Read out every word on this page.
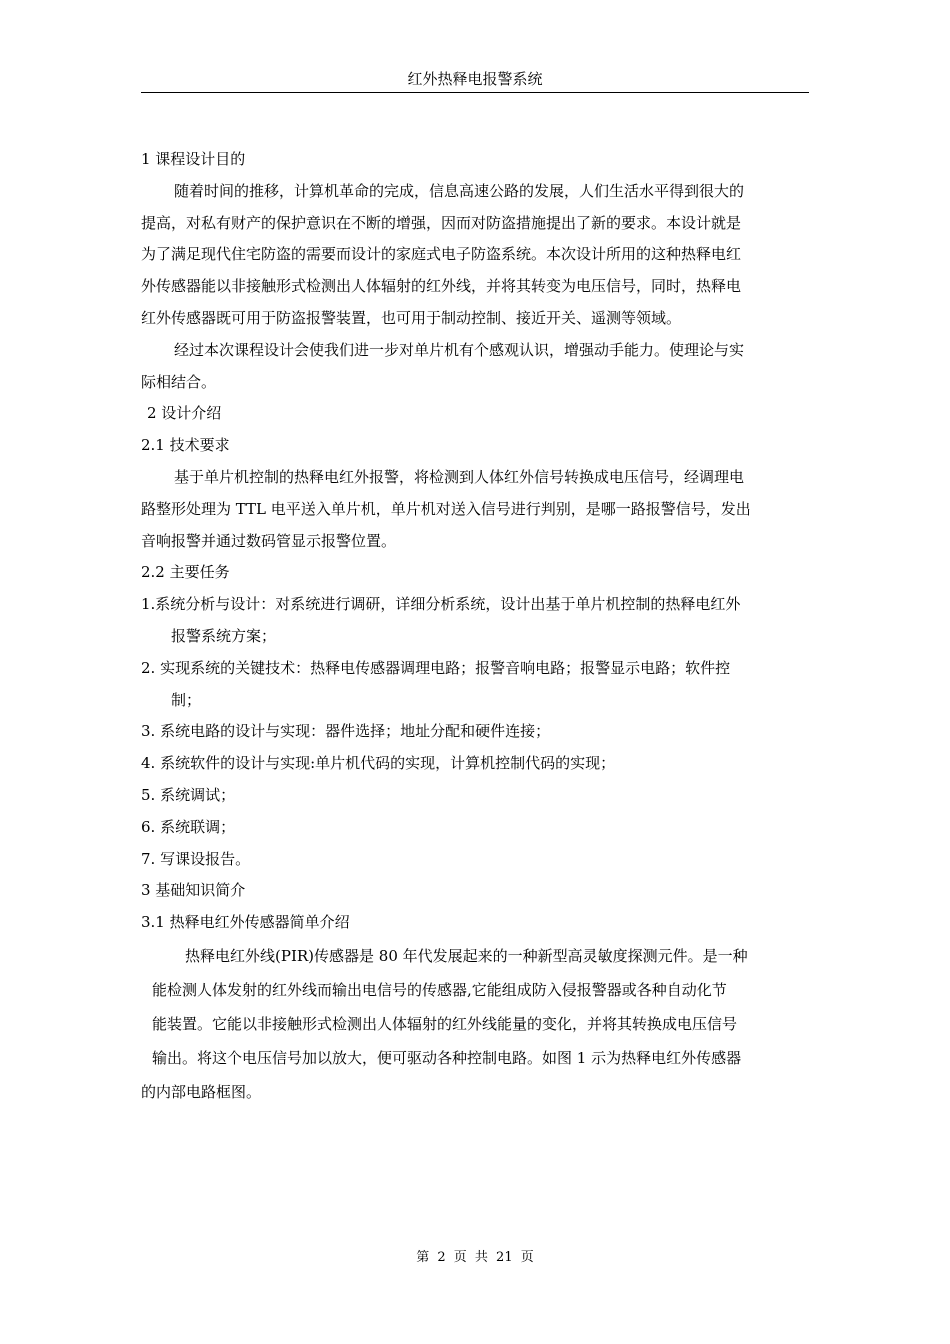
红外热释电报警系统
1 课程设计目的
随着时间的推移，计算机革命的完成，信息高速公路的发展，人们生活水平得到很大的
提高，对私有财产的保护意识在不断的增强，因而对防盗措施提出了新的要求。本设计就是
为了满足现代住宅防盗的需要而设计的家庭式电子防盗系统。本次设计所用的这种热释电红
外传感器能以非接触形式检测出人体辐射的红外线，并将其转变为电压信号，同时，热释电
红外传感器既可用于防盗报警装置，也可用于制动控制、接近开关、遥测等领域。
经过本次课程设计会使我们进一步对单片机有个感观认识，增强动手能力。使理论与实
际相结合。
2 设计介绍
2.1 技术要求
基于单片机控制的热释电红外报警，将检测到人体红外信号转换成电压信号，经调理电
路整形处理为 TTL 电平送入单片机，单片机对送入信号进行判别，是哪一路报警信号，发出
音响报警并通过数码管显示报警位置。
2.2 主要任务
1.系统分析与设计：对系统进行调研，详细分析系统，设计出基于单片机控制的热释电红外
报警系统方案；
2. 实现系统的关键技术：热释电传感器调理电路；报警音响电路；报警显示电路；软件控
制；
3. 系统电路的设计与实现：器件选择；地址分配和硬件连接；
4. 系统软件的设计与实现:单片机代码的实现，计算机控制代码的实现；
5. 系统调试；
6. 系统联调；
7. 写课设报告。
3 基础知识简介
3.1 热释电红外传感器简单介绍
热释电红外线(PIR)传感器是 80 年代发展起来的一种新型高灵敏度探测元件。是一种
能检测人体发射的红外线而输出电信号的传感器,它能组成防入侵报警器或各种自动化节
能装置。它能以非接触形式检测出人体辐射的红外线能量的变化，并将其转换成电压信号
输出。将这个电压信号加以放大，便可驱动各种控制电路。如图 1 示为热释电红外传感器
的内部电路框图。
第 2 页 共 21 页
